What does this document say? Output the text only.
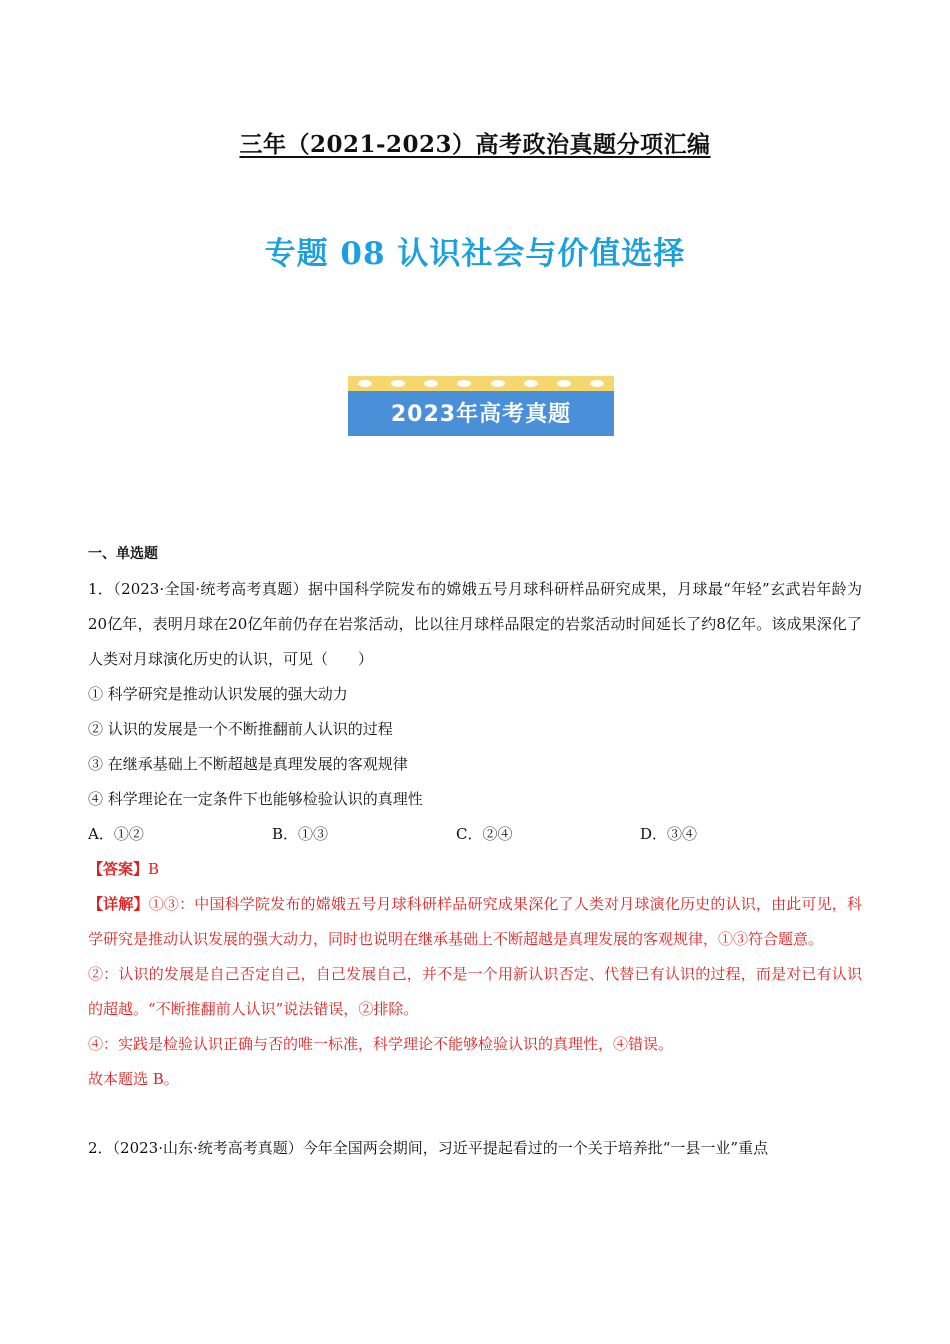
三年（2021-2023）高考政治真题分项汇编
专题 08 认识社会与价值选择
2023年高考真题
一、单选题

1．（2023·全国·统考高考真题）据中国科学院发布的嫦娥五号月球科研样品研究成果，月球最“年轻”玄武岩年龄为20亿年，表明月球在20亿年前仍存在岩浆活动，比以往月球样品限定的岩浆活动时间延长了约8亿年。该成果深化了人类对月球演化历史的认识，可见（　　）

① 科学研究是推动认识发展的强大动力

② 认识的发展是一个不断推翻前人认识的过程

③ 在继承基础上不断超越是真理发展的客观规律

④ 科学理论在一定条件下也能够检验认识的真理性

A．①②	B．①③	C．②④	D．③④

【答案】B

【详解】①③：中国科学院发布的嫦娥五号月球科研样品研究成果深化了人类对月球演化历史的认识，由此可见，科学研究是推动认识发展的强大动力，同时也说明在继承基础上不断超越是真理发展的客观规律，①③符合题意。

②：认识的发展是自己否定自己，自己发展自己，并不是一个用新认识否定、代替已有认识的过程，而是对已有认识的超越。“不断推翻前人认识”说法错误，②排除。

④：实践是检验认识正确与否的唯一标准，科学理论不能够检验认识的真理性，④错误。

故本题选 B。

2．（2023·山东·统考高考真题）今年全国两会期间，习近平提起看过的一个关于培养批“一县一业”重点
